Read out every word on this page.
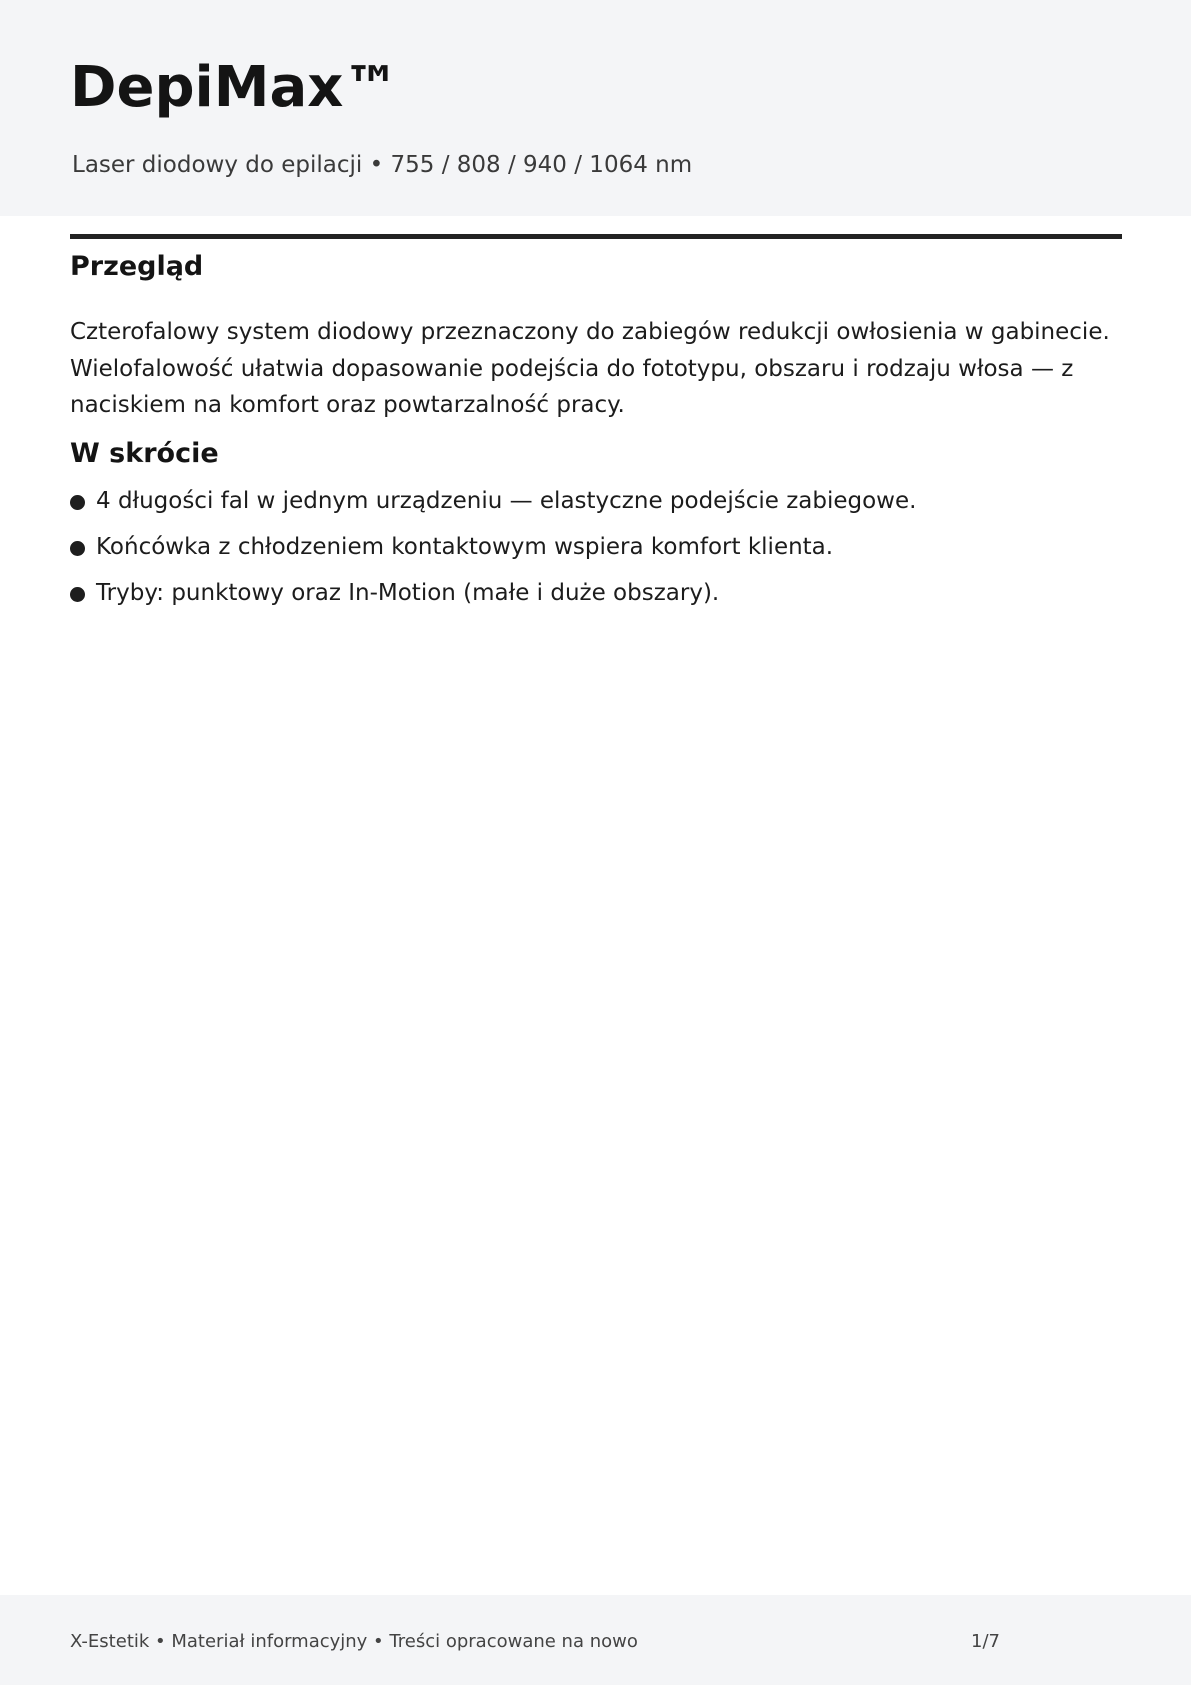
DepiMax™

Laser diodowy do epilacji • 755 / 808 / 940 / 1064 nm

Przegląd

Czterofalowy system diodowy przeznaczony do zabiegów redukcji owłosienia w gabinecie. Wielofalowość ułatwia dopasowanie podejścia do fototypu, obszaru i rodzaju włosa — z naciskiem na komfort oraz powtarzalność pracy.

W skrócie
4 długości fal w jednym urządzeniu — elastyczne podejście zabiegowe.
Końcówka z chłodzeniem kontaktowym wspiera komfort klienta.
Tryby: punktowy oraz In-Motion (małe i duże obszary).
X-Estetik • Materiał informacyjny • Treści opracowane na nowo	1/7
